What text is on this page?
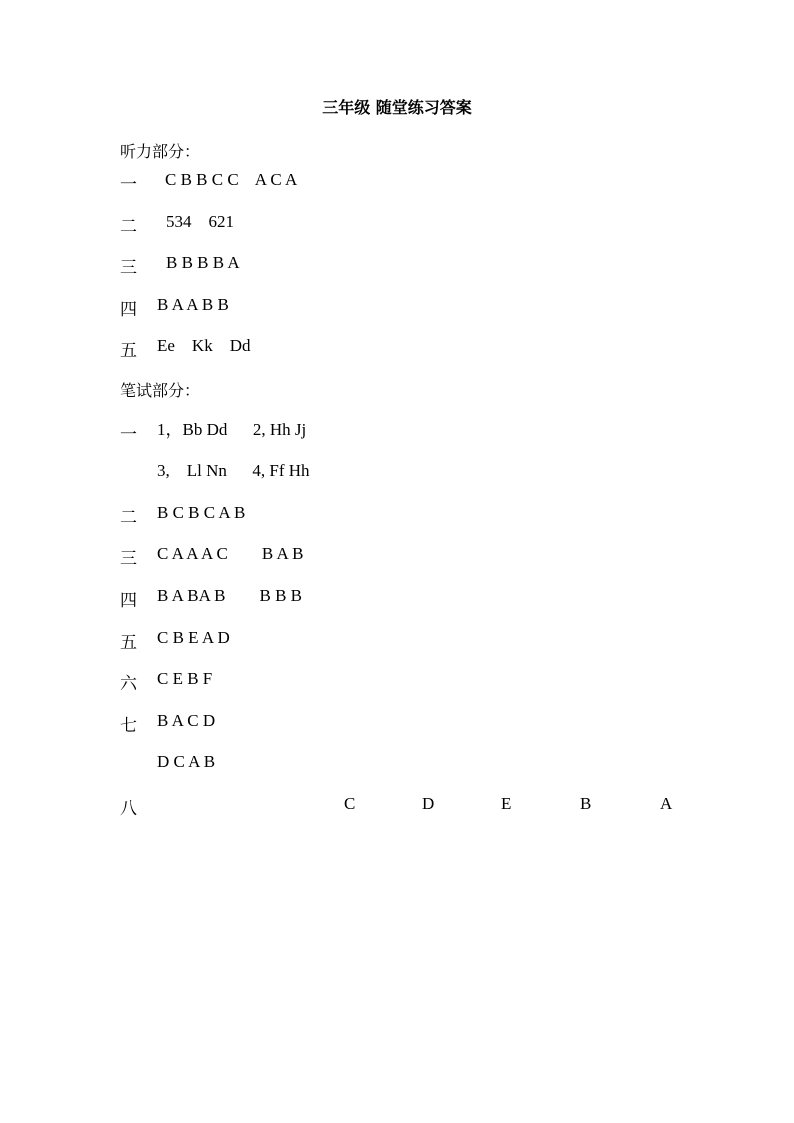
三年级 随堂练习答案
听力部分：
一 C B B C C    A C A
二 534    621
三 B B B B A
四 B A A B B
五 Ee    Kk    Dd
笔试部分：
一 1，Bb Dd      2, Hh Jj
3,    Ll Nn      4, Ff Hh
二 B C B C A B
三 C A A A C        B A B
四 B A BA B        B B B
五 C B E A D
六 C E B F
七 B A C D
D C A B
八	C	D	E	B	A
